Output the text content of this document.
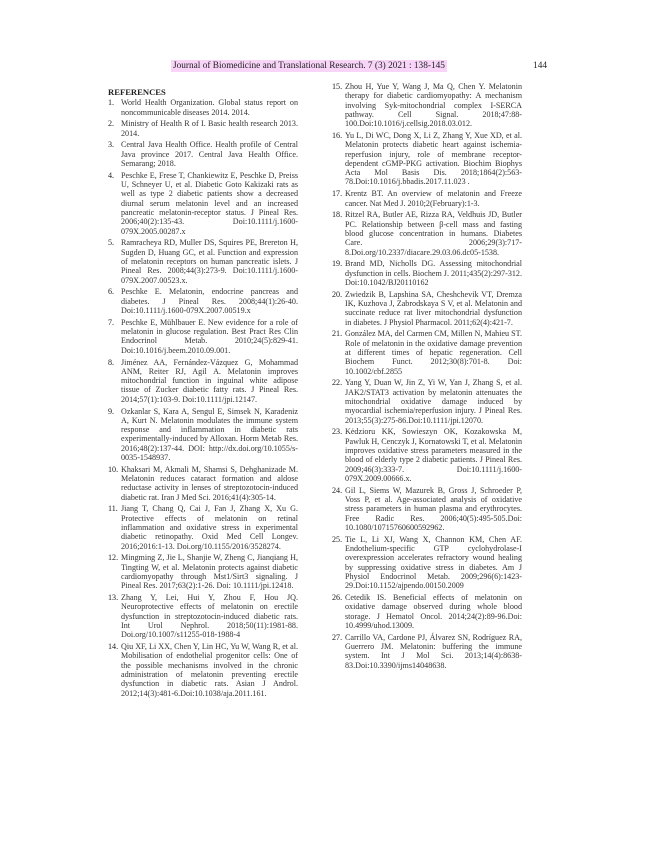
Journal of Biomedicine and Translational Research. 7 (3) 2021 : 138-145	144
REFERENCES
1. World Health Organization. Global status report on noncommunicable diseases 2014. 2014.
2. Ministry of Health R of I. Basic health research 2013. 2014.
3. Central Java Health Office. Health profile of Central Java province 2017. Central Java Health Office. Semarang; 2018.
4. Peschke E, Frese T, Chankiewitz E, Peschke D, Preiss U, Schneyer U, et al. Diabetic Goto Kakizaki rats as well as type 2 diabetic patients show a decreased diurnal serum melatonin level and an increased pancreatic melatonin-receptor status. J Pineal Res. 2006;40(2):135-43. Doi:10.1111/j.1600-079X.2005.00287.x
5. Ramracheya RD, Muller DS, Squires PE, Brereton H, Sugden D, Huang GC, et al. Function and expression of melatonin receptors on human pancreatic islets. J Pineal Res. 2008;44(3):273-9. Doi:10.1111/j.1600-079X.2007.00523.x.
6. Peschke E. Melatonin, endocrine pancreas and diabetes. J Pineal Res. 2008;44(1):26-40. Doi:10.1111/j.1600-079X.2007.00519.x
7. Peschke E, Mühlbauer E. New evidence for a role of melatonin in glucose regulation. Best Pract Res Clin Endocrinol Metab. 2010;24(5):829-41. Doi:10.1016/j.beem.2010.09.001.
8. Jiménez AA, Fernández-Vázquez G, Mohammad ANM, Reiter RJ, Agil A. Melatonin improves mitochondrial function in inguinal white adipose tissue of Zucker diabetic fatty rats. J Pineal Res. 2014;57(1):103-9. Doi:10.1111/jpi.12147.
9. Ozkanlar S, Kara A, Sengul E, Simsek N, Karadeniz A, Kurt N. Melatonin modulates the immune system response and inflammation in diabetic rats experimentally-induced by Alloxan. Horm Metab Res. 2016;48(2):137-44. DOI: http://dx.doi.org/10.1055/s-0035-1548937.
10. Khaksari M, Akmali M, Shamsi S, Dehghanizade M. Melatonin reduces cataract formation and aldose reductase activity in lenses of streptozotocin-induced diabetic rat. Iran J Med Sci. 2016;41(4):305-14.
11. Jiang T, Chang Q, Cai J, Fan J, Zhang X, Xu G. Protective effects of melatonin on retinal inflammation and oxidative stress in experimental diabetic retinopathy. Oxid Med Cell Longev. 2016;2016:1-13. Doi.org/10.1155/2016/3528274.
12. Mingming Z, Jie L, Shanjie W, Zheng C, Jianqiang H, Tingting W, et al. Melatonin protects against diabetic cardiomyopathy through Mst1/Sirt3 signaling. J Pineal Res. 2017;63(2):1-26. Doi: 10.1111/jpi.12418.
13. Zhang Y, Lei, Hui Y, Zhou F, Hou JQ. Neuroprotective effects of melatonin on erectile dysfunction in streptozotocin-induced diabetic rats. Int Urol Nephrol. 2018;50(11):1981-88. Doi.org/10.1007/s11255-018-1988-4
14. Qiu XF, Li XX, Chen Y, Lin HC, Yu W, Wang R, et al. Mobilisation of endothelial progenitor cells: One of the possible mechanisms involved in the chronic administration of melatonin preventing erectile dysfunction in diabetic rats. Asian J Androl. 2012;14(3):481-6.Doi:10.1038/aja.2011.161.
15. Zhou H, Yue Y, Wang J, Ma Q, Chen Y. Melatonin therapy for diabetic cardiomyopathy: A mechanism involving Syk-mitochondrial complex I-SERCA pathway. Cell Signal. 2018;47:88-100.Doi:10.1016/j.cellsig.2018.03.012.
16. Yu L, Di WC, Dong X, Li Z, Zhang Y, Xue XD, et al. Melatonin protects diabetic heart against ischemia-reperfusion injury, role of membrane receptor-dependent cGMP-PKG activation. Biochim Biophys Acta Mol Basis Dis. 2018;1864(2):563-78.Doi:10.1016/j.bbadis.2017.11.023 .
17. Krentz BT. An overview of melatonin and Freeze cancer. Nat Med J. 2010;2(February):1-3.
18. Ritzel RA, Butler AE, Rizza RA, Veldhuis JD, Butler PC. Relationship between β-cell mass and fasting blood glucose concentration in humans. Diabetes Care. 2006;29(3):717-8.Doi.org/10.2337/diacare.29.03.06.dc05-1538.
19. Brand MD, Nicholls DG. Assessing mitochondrial dysfunction in cells. Biochem J. 2011;435(2):297-312. Doi:10.1042/BJ20110162
20. Zwiedzik B, Lapshina SA, Cheshchevik VT, Dremza IK, Kuzhova J, Zabrodskaya S V, et al. Melatonin and succinate reduce rat liver mitochondrial dysfunction in diabetes. J Physiol Pharmacol. 2011;62(4):421-7.
21. González MA, del Carmen CM, Millen N, Mahieu ST. Role of melatonin in the oxidative damage prevention at different times of hepatic regeneration. Cell Biochem Funct. 2012;30(8):701-8. Doi: 10.1002/cbf.2855
22. Yang Y, Duan W, Jin Z, Yi W, Yan J, Zhang S, et al. JAK2/STAT3 activation by melatonin attenuates the mitochondrial oxidative damage induced by myocardial ischemia/reperfusion injury. J Pineal Res. 2013;55(3):275-86.Doi:10.1111/jpi.12070.
23. Kėdzioru KK, Sowieszyn OK, Kozakowska M, Pawluk H, Cenczyk J, Kornatowski T, et al. Melatonin improves oxidative stress parameters measured in the blood of elderly type 2 diabetic patients. J Pineal Res. 2009;46(3):333-7. Doi:10.1111/j.1600-079X.2009.00666.x.
24. Gil L, Siems W, Mazurek B, Gross J, Schroeder P, Voss P, et al. Age-associated analysis of oxidative stress parameters in human plasma and erythrocytes. Free Radic Res. 2006;40(5):495-505.Doi: 10.1080/10715760600592962.
25. Tie L, Li XJ, Wang X, Channon KM, Chen AF. Endothelium-specific GTP cyclohydrolase-I overexpression accelerates refractory wound healing by suppressing oxidative stress in diabetes. Am J Physiol Endocrinol Metab. 2009;296(6):1423-29.Doi:10.1152/ajpendo.00150.2009
26. Cetedik IS. Beneficial effects of melatonin on oxidative damage observed during whole blood storage. J Hematol Oncol. 2014;24(2):89-96.Doi: 10.4999/uhod.13009.
27. Carrillo VA, Cardone PJ, Álvarez SN, Rodríguez RA, Guerrero JM. Melatonin: buffering the immune system. Int J Mol Sci. 2013;14(4):8638-83.Doi:10.3390/ijms14048638.
